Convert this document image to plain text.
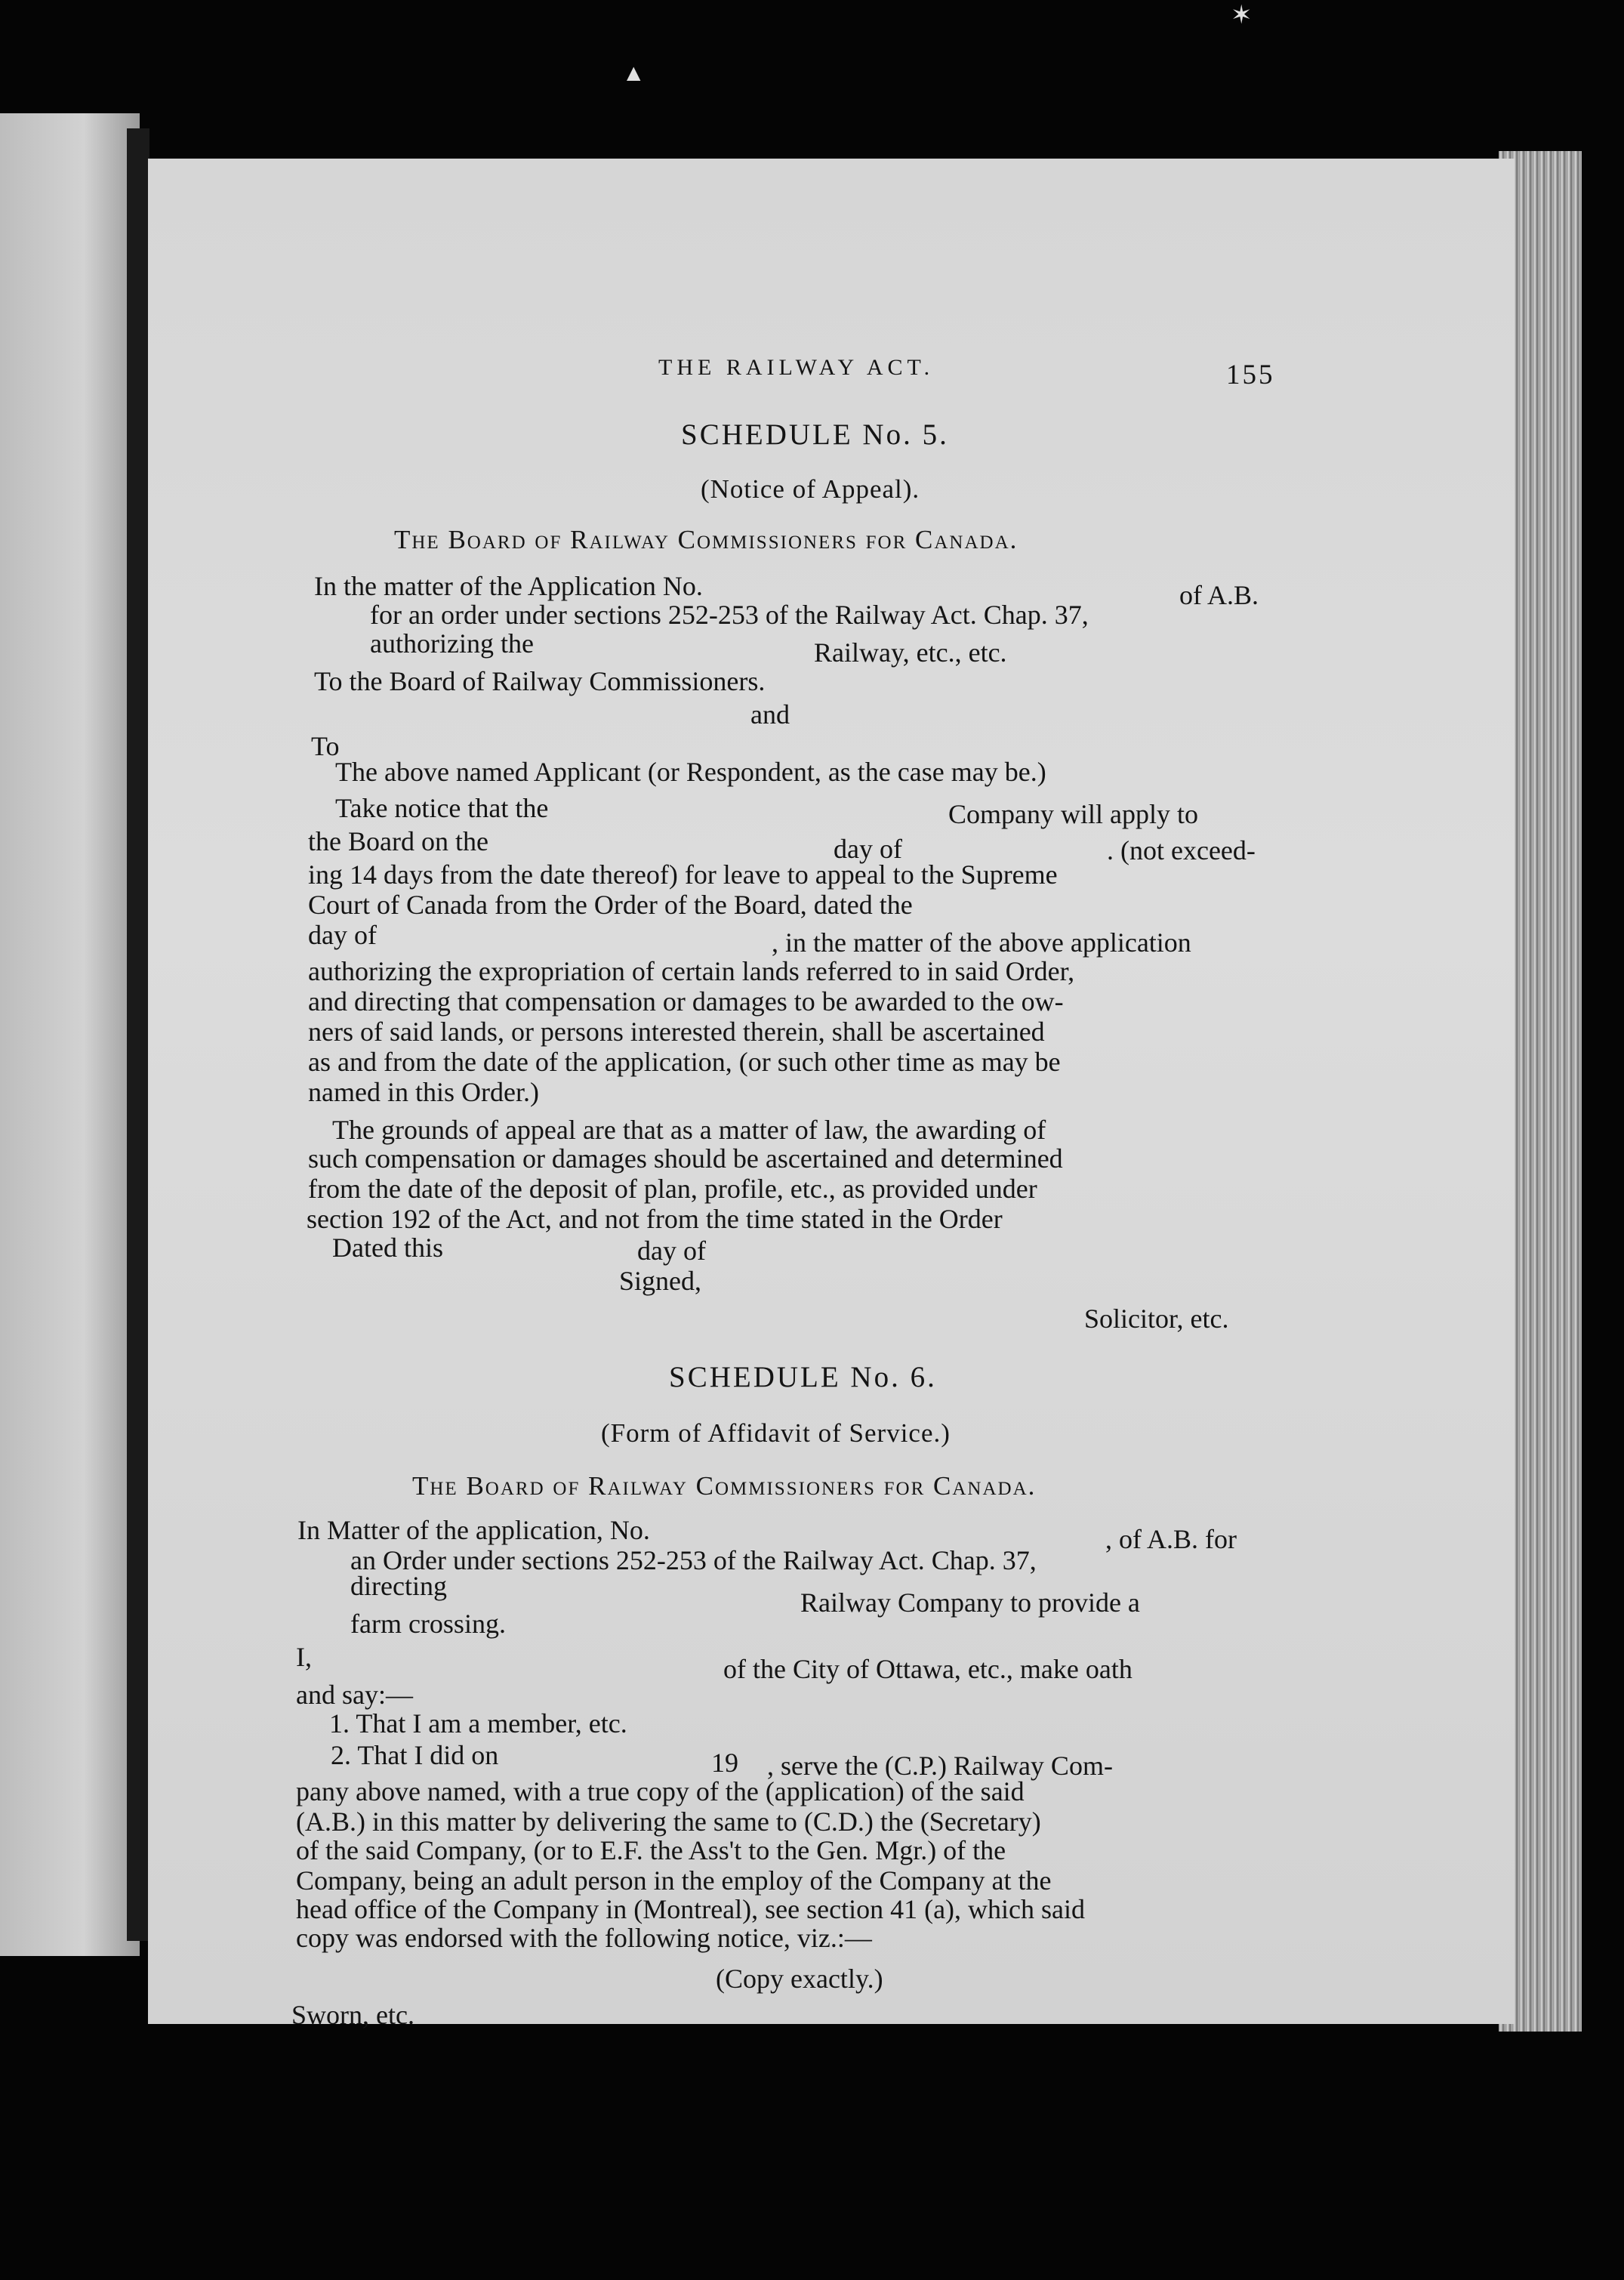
✶
▲
THE RAILWAY ACT.	155
SCHEDULE No. 5.
(Notice of Appeal).
The Board of Railway Commissioners for Canada.
In the matter of the Application No.	of A.B.
for an order under sections 252-253 of the Railway Act. Chap. 37,
authorizing the	Railway, etc., etc.
To the Board of Railway Commissioners.
and
To
The above named Applicant (or Respondent, as the case may be.)
Take notice that the	Company will apply to
the Board on the	day of	. (not exceed-
ing 14 days from the date thereof) for leave to appeal to the Supreme
Court of Canada from the Order of the Board, dated the
day of	, in the matter of the above application
authorizing the expropriation of certain lands referred to in said Order,
and directing that compensation or damages to be awarded to the ow-
ners of said lands, or persons interested therein, shall be ascertained
as and from the date of the application, (or such other time as may be
named in this Order.)
The grounds of appeal are that as a matter of law, the awarding of
such compensation or damages should be ascertained and determined
from the date of the deposit of plan, profile, etc., as provided under
section 192 of the Act, and not from the time stated in the Order
Dated this	day of
Signed,
Solicitor, etc.
SCHEDULE No. 6.
(Form of Affidavit of Service.)
The Board of Railway Commissioners for Canada.
In Matter of the application, No.	, of A.B. for
an Order under sections 252-253 of the Railway Act. Chap. 37,
directing
Railway Company to provide a
farm crossing.
I,	of the City of Ottawa, etc., make oath
and say:—
1. That I am a member, etc.
2. That I did on	19 , serve the (C.P.) Railway Com-
pany above named, with a true copy of the (application) of the said
(A.B.) in this matter by delivering the same to (C.D.) the (Secretary)
of the said Company, (or to E.F. the Ass't to the Gen. Mgr.) of the
Company, being an adult person in the employ of the Company at the
head office of the Company in (Montreal), see section 41 (a), which said
copy was endorsed with the following notice, viz.:—
(Copy exactly.)
Sworn, etc.
